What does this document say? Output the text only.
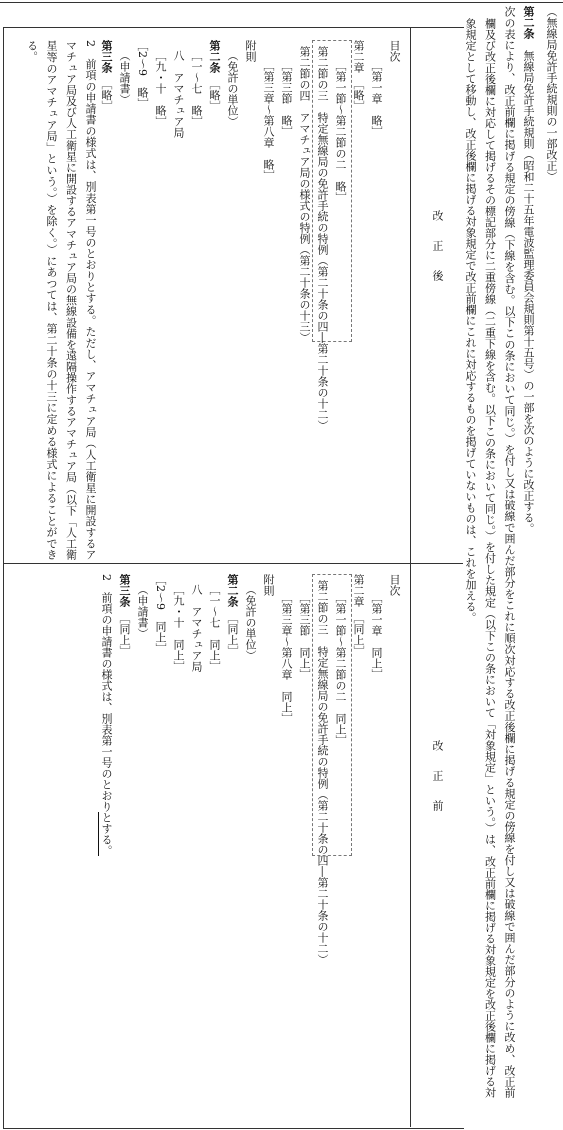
（無線局免許手続規則の一部改正）
第二条　無線局免許手続規則（昭和二十五年電波監理委員会規則第十五号）の一部を次のように改正する。
次の表により、改正前欄に掲げる規定の傍線（下線を含む。以下この条において同じ。）を付し又は破線で囲んだ部分をこれに順次対応する改正後欄に掲げる規定の傍線を付し又は破線で囲んだ部分のように改め、改正前欄及び改正後欄に対応して掲げるその標記部分に二重傍線（二重下線を含む。以下この条において同じ。）を付した規定（以下この条において「対象規定」という。）は、改正前欄に掲げる対象規定を改正後欄に掲げる対象規定として移動し、改正後欄に掲げる対象規定で改正前欄にこれに対応するものを掲げていないものは、これを加える。
改　正　後
改　正　前
目次
［第一章　略］
第二章　［略］
［第一節～第二節の二　略］
第二節の三　特定無線局の免許手続の特例（第二十条の四―第二十条の十二）
第二節の四　アマチュア局の様式の特例（第二十条の十三）
［第三節　略］
［第三章～第八章　略］
附則
（免許の単位）
第二条　［略］
［一～七　略］
八　アマチュア局
［九・十　略］
［2～9　略］
（申請書）
第三条　［略］
2　前項の申請書の様式は、別表第一号のとおりとする。ただし、アマチュア局（人工衛星に開設するアマチュア局及び人工衛星に開設するアマチュア局の無線設備を遠隔操作するアマチュア局（以下「人工衛星等のアマチュア局」という。）を除く。）にあつては、第二十条の十三に定める様式によることができる。
目次
［第一章　同上］
第二章　［同上］
［第一節～第二節の二　同上］
第二節の三　特定無線局の免許手続の特例（第二十条の四―第二十条の十二）
［第三節　同上］
［第三章～第八章　同上］
附則
（免許の単位）
第二条　［同上］
［一～七　同上］
八　アマチュア局
［九・十　同上］
［2～9　同上］
（申請書）
第三条　［同上］
2　前項の申請書の様式は、別表第一号のとおりとする。
